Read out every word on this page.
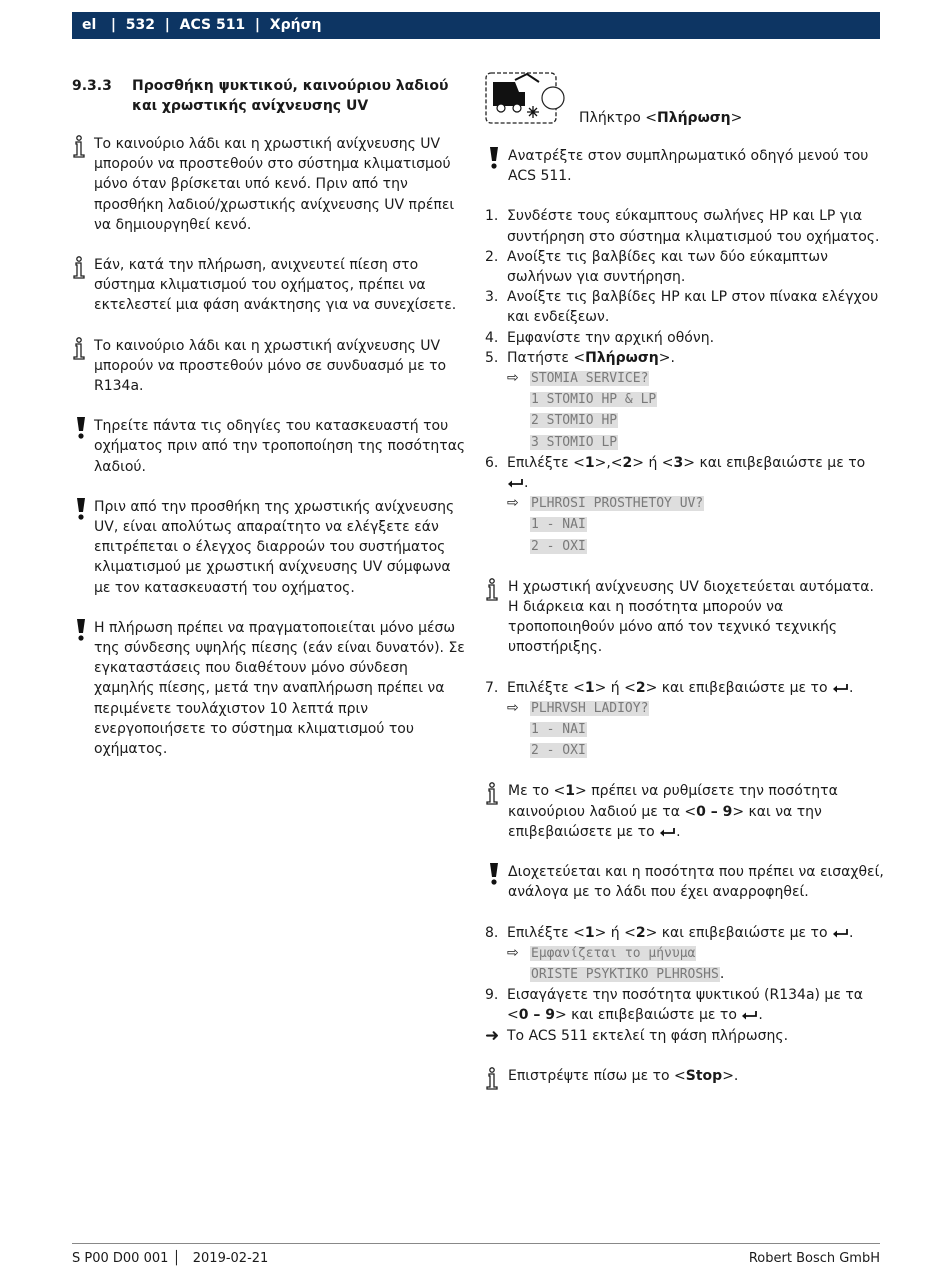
el   |  532  |  ACS 511  |  Χρήση
9.3.3	Προσθήκη ψυκτικού, καινούριου λαδιού και χρωστικής ανίχνευσης UV

Το καινούριο λάδι και η χρωστική ανίχνευσης UV μπορούν να προστεθούν στο σύστημα κλιματισμού μόνο όταν βρίσκεται υπό κενό. Πριν από την προσθήκη λαδιού/χρωστικής ανίχνευσης UV πρέπει να δημιουργηθεί κενό.

Εάν, κατά την πλήρωση, ανιχνευτεί πίεση στο σύστημα κλιματισμού του οχήματος, πρέπει να εκτελεστεί μια φάση ανάκτησης για να συνεχίσετε.

Το καινούριο λάδι και η χρωστική ανίχνευσης UV μπορούν να προστεθούν μόνο σε συνδυασμό με το R134a.

Τηρείτε πάντα τις οδηγίες του κατασκευαστή του οχήματος πριν από την τροποποίηση της ποσότητας λαδιού.

Πριν από την προσθήκη της χρωστικής ανίχνευσης UV, είναι απολύτως απαραίτητο να ελέγξετε εάν επιτρέπεται ο έλεγχος διαρροών του συστήματος κλιματισμού με χρωστική ανίχνευσης UV σύμφωνα με τον κατασκευαστή του οχήματος.

Η πλήρωση πρέπει να πραγματοποιείται μόνο μέσω της σύνδεσης υψηλής πίεσης (εάν είναι δυνατόν). Σε εγκαταστάσεις που διαθέτουν μόνο σύνδεση χαμηλής πίεσης, μετά την αναπλήρωση πρέπει να περιμένετε τουλάχιστον 10 λεπτά πριν ενεργοποιήσετε το σύστημα κλιματισμού του οχήματος.

Πλήκτρο <Πλήρωση>

Ανατρέξτε στον συμπληρωματικό οδηγό μενού του ACS 511.

1. Συνδέστε τους εύκαμπτους σωλήνες HP και LP για συντήρηση στο σύστημα κλιματισμού του οχήματος.
2. Ανοίξτε τις βαλβίδες και των δύο εύκαμπτων σωλήνων για συντήρηση.
3. Ανοίξτε τις βαλβίδες HP και LP στον πίνακα ελέγχου και ενδείξεων.
4. Εμφανίστε την αρχική οθόνη.
5. Πατήστε <Πλήρωση>.
⇨ STOMIA SERVICE?
1 STOMIO HP & LP
2 STOMIO HP
3 STOMIO LP
6. Επιλέξτε <1>,<2> ή <3> και επιβεβαιώστε με το .
⇨ PLHROSI PROSTHETOY UV?
1 - NAI
2 - OXI

Η χρωστική ανίχνευσης UV διοχετεύεται αυτόματα. Η διάρκεια και η ποσότητα μπορούν να τροποποιηθούν μόνο από τον τεχνικό τεχνικής υποστήριξης.

7. Επιλέξτε <1> ή <2> και επιβεβαιώστε με το .
⇨ PLHRVSH LADIOY?
1 - NAI
2 - OXI

Με το <1> πρέπει να ρυθμίσετε την ποσότητα καινούριου λαδιού με τα <0 – 9> και να την επιβεβαιώσετε με το .

Διοχετεύεται και η ποσότητα που πρέπει να εισαχθεί, ανάλογα με το λάδι που έχει αναρροφηθεί.

8. Επιλέξτε <1> ή <2> και επιβεβαιώστε με το .
⇨ Εμφανίζεται το μήνυμα
ORISTE PSYKTIKO PLHROSHS.
9. Εισαγάγετε την ποσότητα ψυκτικού (R134a) με τα
<0 – 9> και επιβεβαιώστε με το .
➜ Το ACS 511 εκτελεί τη φάση πλήρωσης.

Επιστρέψτε πίσω με το <Stop>.

S P00 D00 001 │   2019-02-21	Robert Bosch GmbH
